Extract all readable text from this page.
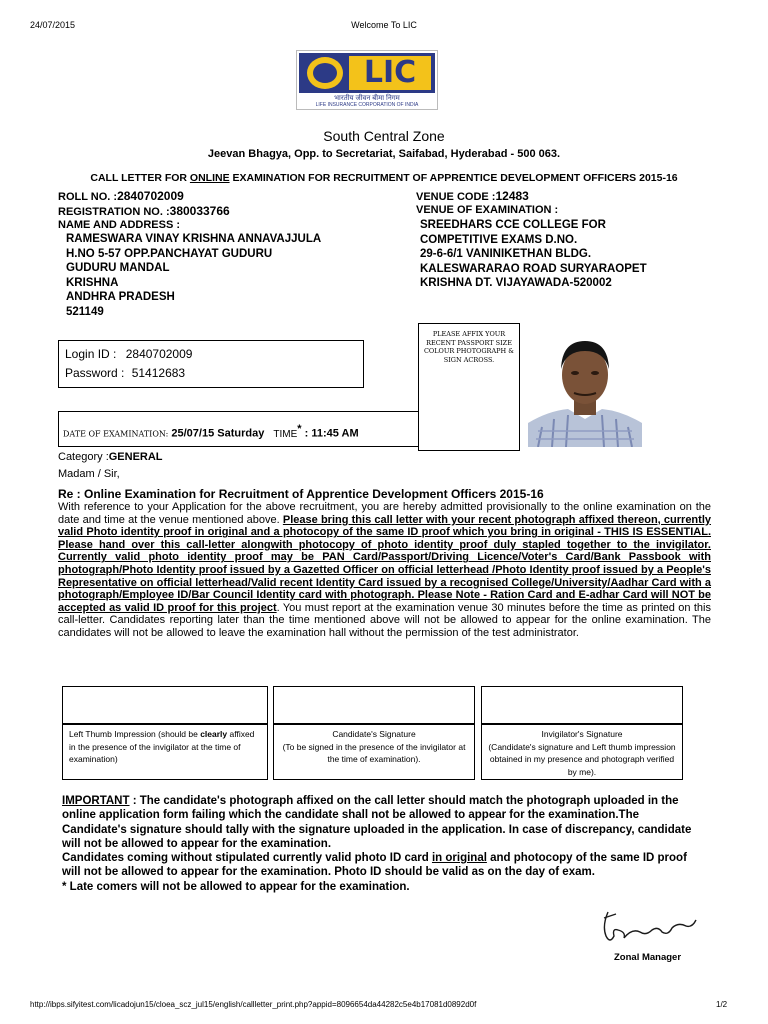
24/07/2015	Welcome To LIC
LIC
भारतीय जीवन बीमा निगम
LIFE INSURANCE CORPORATION OF INDIA
South Central Zone
Jeevan Bhagya, Opp. to Secretariat, Saifabad, Hyderabad - 500 063.
CALL LETTER FOR ONLINE EXAMINATION FOR RECRUITMENT OF APPRENTICE DEVELOPMENT OFFICERS 2015-16
ROLL NO. :2840702009
REGISTRATION NO. :380033766
NAME AND ADDRESS :
RAMESWARA VINAY KRISHNA ANNAVAJJULA
H.NO 5-57 OPP.PANCHAYAT GUDURU
GUDURU MANDAL
KRISHNA
ANDHRA PRADESH
521149
VENUE CODE :12483
VENUE OF EXAMINATION :
SREEDHARS CCE COLLEGE FOR
COMPETITIVE EXAMS D.NO.
29-6-6/1 VANINIKETHAN BLDG.
KALESWARARAO ROAD SURYARAOPET
KRISHNA DT. VIJAYAWADA-520002
Login ID : 2840702009
Password : 51412683
DATE OF EXAMINATION: 25/07/15 Saturday TIME* : 11:45 AM
PLEASE AFFIX YOUR RECENT PASSPORT SIZE COLOUR PHOTOGRAPH & SIGN ACROSS.
Category :GENERAL
Madam / Sir,
Re : Online Examination for Recruitment of Apprentice Development Officers 2015-16
With reference to your Application for the above recruitment, you are hereby admitted provisionally to the online examination on the date and time at the venue mentioned above. Please bring this call letter with your recent photograph affixed thereon, currently valid Photo identity proof in original and a photocopy of the same ID proof which you bring in original - THIS IS ESSENTIAL. Please hand over this call-letter alongwith photocopy of photo identity proof duly stapled together to the invigilator. Currently valid photo identity proof may be PAN Card/Passport/Driving Licence/Voter's Card/Bank Passbook with photograph/Photo Identity proof issued by a Gazetted Officer on official letterhead /Photo Identity proof issued by a People's Representative on official letterhead/Valid recent Identity Card issued by a recognised College/University/Aadhar Card with a photograph/Employee ID/Bar Council Identity card with photograph. Please Note - Ration Card and E-adhar Card will NOT be accepted as valid ID proof for this project. You must report at the examination venue 30 minutes before the time as printed on this call-letter. Candidates reporting later than the time mentioned above will not be allowed to appear for the online examination. The candidates will not be allowed to leave the examination hall without the permission of the test administrator.
Left Thumb Impression (should be clearly affixed in the presence of the invigilator at the time of examination)
Candidate's Signature
(To be signed in the presence of the invigilator at the time of examination).
Invigilator's Signature
(Candidate's signature and Left thumb impression obtained in my presence and photograph verified by me).
IMPORTANT : The candidate's photograph affixed on the call letter should match the photograph uploaded in the online application form failing which the candidate shall not be allowed to appear for the examination.The Candidate's signature should tally with the signature uploaded in the application. In case of discrepancy, candidate will not be allowed to appear for the examination.
Candidates coming without stipulated currently valid photo ID card in original and photocopy of the same ID proof will not be allowed to appear for the examination. Photo ID should be valid as on the day of exam.
* Late comers will not be allowed to appear for the examination.
Zonal Manager
http://ibps.sifyitest.com/licadojun15/cloea_scz_jul15/english/callletter_print.php?appid=8096654da44282c5e4b17081d0892d0f	1/2
